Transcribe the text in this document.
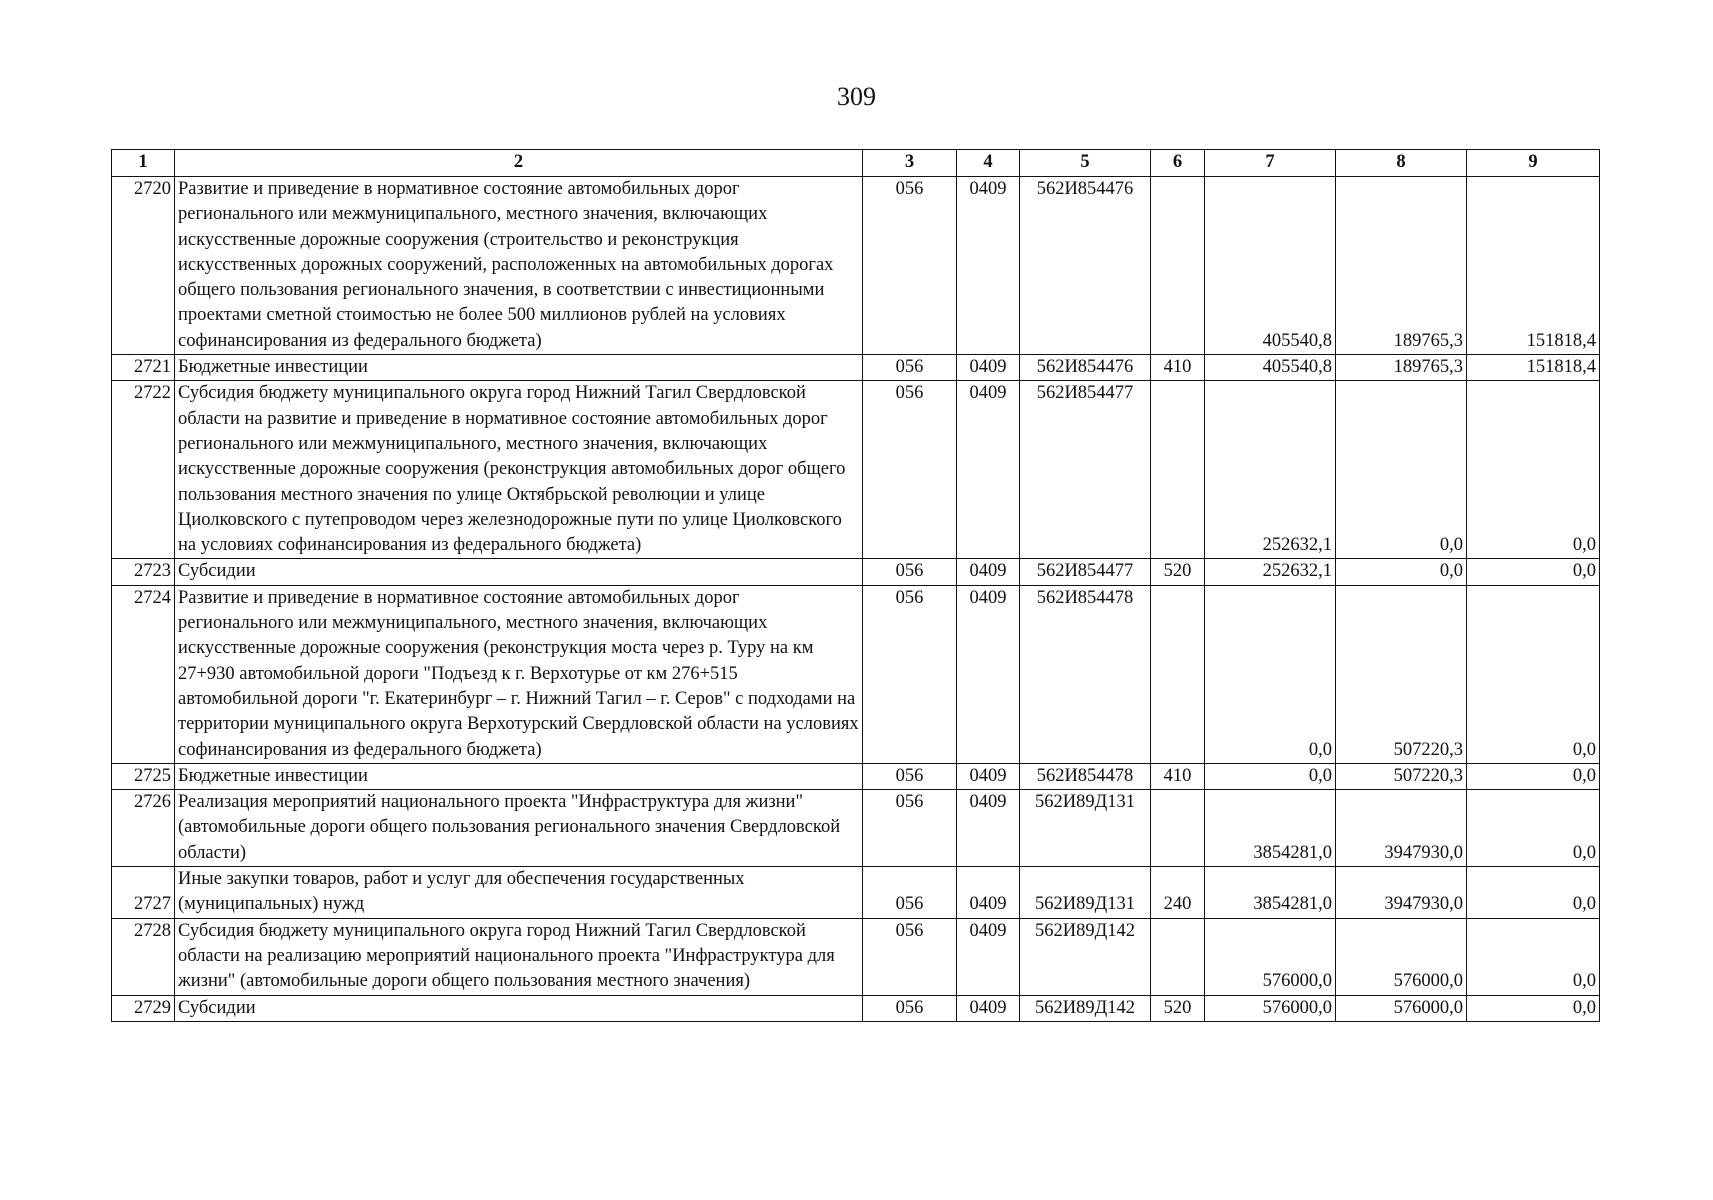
309
1	2	3	4	5	6	7	8	9
2720	Развитие и приведение в нормативное состояние автомобильных дорог регионального или межмуниципального, местного значения, включающих искусственные дорожные сооружения (строительство и реконструкция искусственных дорожных сооружений, расположенных на автомобильных дорогах общего пользования регионального значения, в соответствии с инвестиционными проектами сметной стоимостью не более 500 миллионов рублей на условиях софинансирования из федерального бюджета)	056	0409	562И854476		405540,8	189765,3	151818,4
2721	Бюджетные инвестиции	056	0409	562И854476	410	405540,8	189765,3	151818,4
2722	Субсидия бюджету муниципального округа город Нижний Тагил Свердловской области на развитие и приведение в нормативное состояние автомобильных дорог регионального или межмуниципального, местного значения, включающих искусственные дорожные сооружения (реконструкция автомобильных дорог общего пользования местного значения по улице Октябрьской революции и улице Циолковского с путепроводом через железнодорожные пути по улице Циолковского на условиях софинансирования из федерального бюджета)	056	0409	562И854477		252632,1	0,0	0,0
2723	Субсидии	056	0409	562И854477	520	252632,1	0,0	0,0
2724	Развитие и приведение в нормативное состояние автомобильных дорог регионального или межмуниципального, местного значения, включающих искусственные дорожные сооружения (реконструкция моста через р. Туру на км 27+930 автомобильной дороги "Подъезд к г. Верхотурье от км 276+515 автомобильной дороги "г. Екатеринбург – г. Нижний Тагил – г. Серов" с подходами на территории муниципального округа Верхотурский Свердловской области на условиях софинансирования из федерального бюджета)	056	0409	562И854478		0,0	507220,3	0,0
2725	Бюджетные инвестиции	056	0409	562И854478	410	0,0	507220,3	0,0
2726	Реализация мероприятий национального проекта "Инфраструктура для жизни" (автомобильные дороги общего пользования регионального значения Свердловской области)	056	0409	562И89Д131		3854281,0	3947930,0	0,0
2727	Иные закупки товаров, работ и услуг для обеспечения государственных (муниципальных) нужд	056	0409	562И89Д131	240	3854281,0	3947930,0	0,0
2728	Субсидия бюджету муниципального округа город Нижний Тагил Свердловской области на реализацию мероприятий национального проекта "Инфраструктура для жизни" (автомобильные дороги общего пользования местного значения)	056	0409	562И89Д142		576000,0	576000,0	0,0
2729	Субсидии	056	0409	562И89Д142	520	576000,0	576000,0	0,0
